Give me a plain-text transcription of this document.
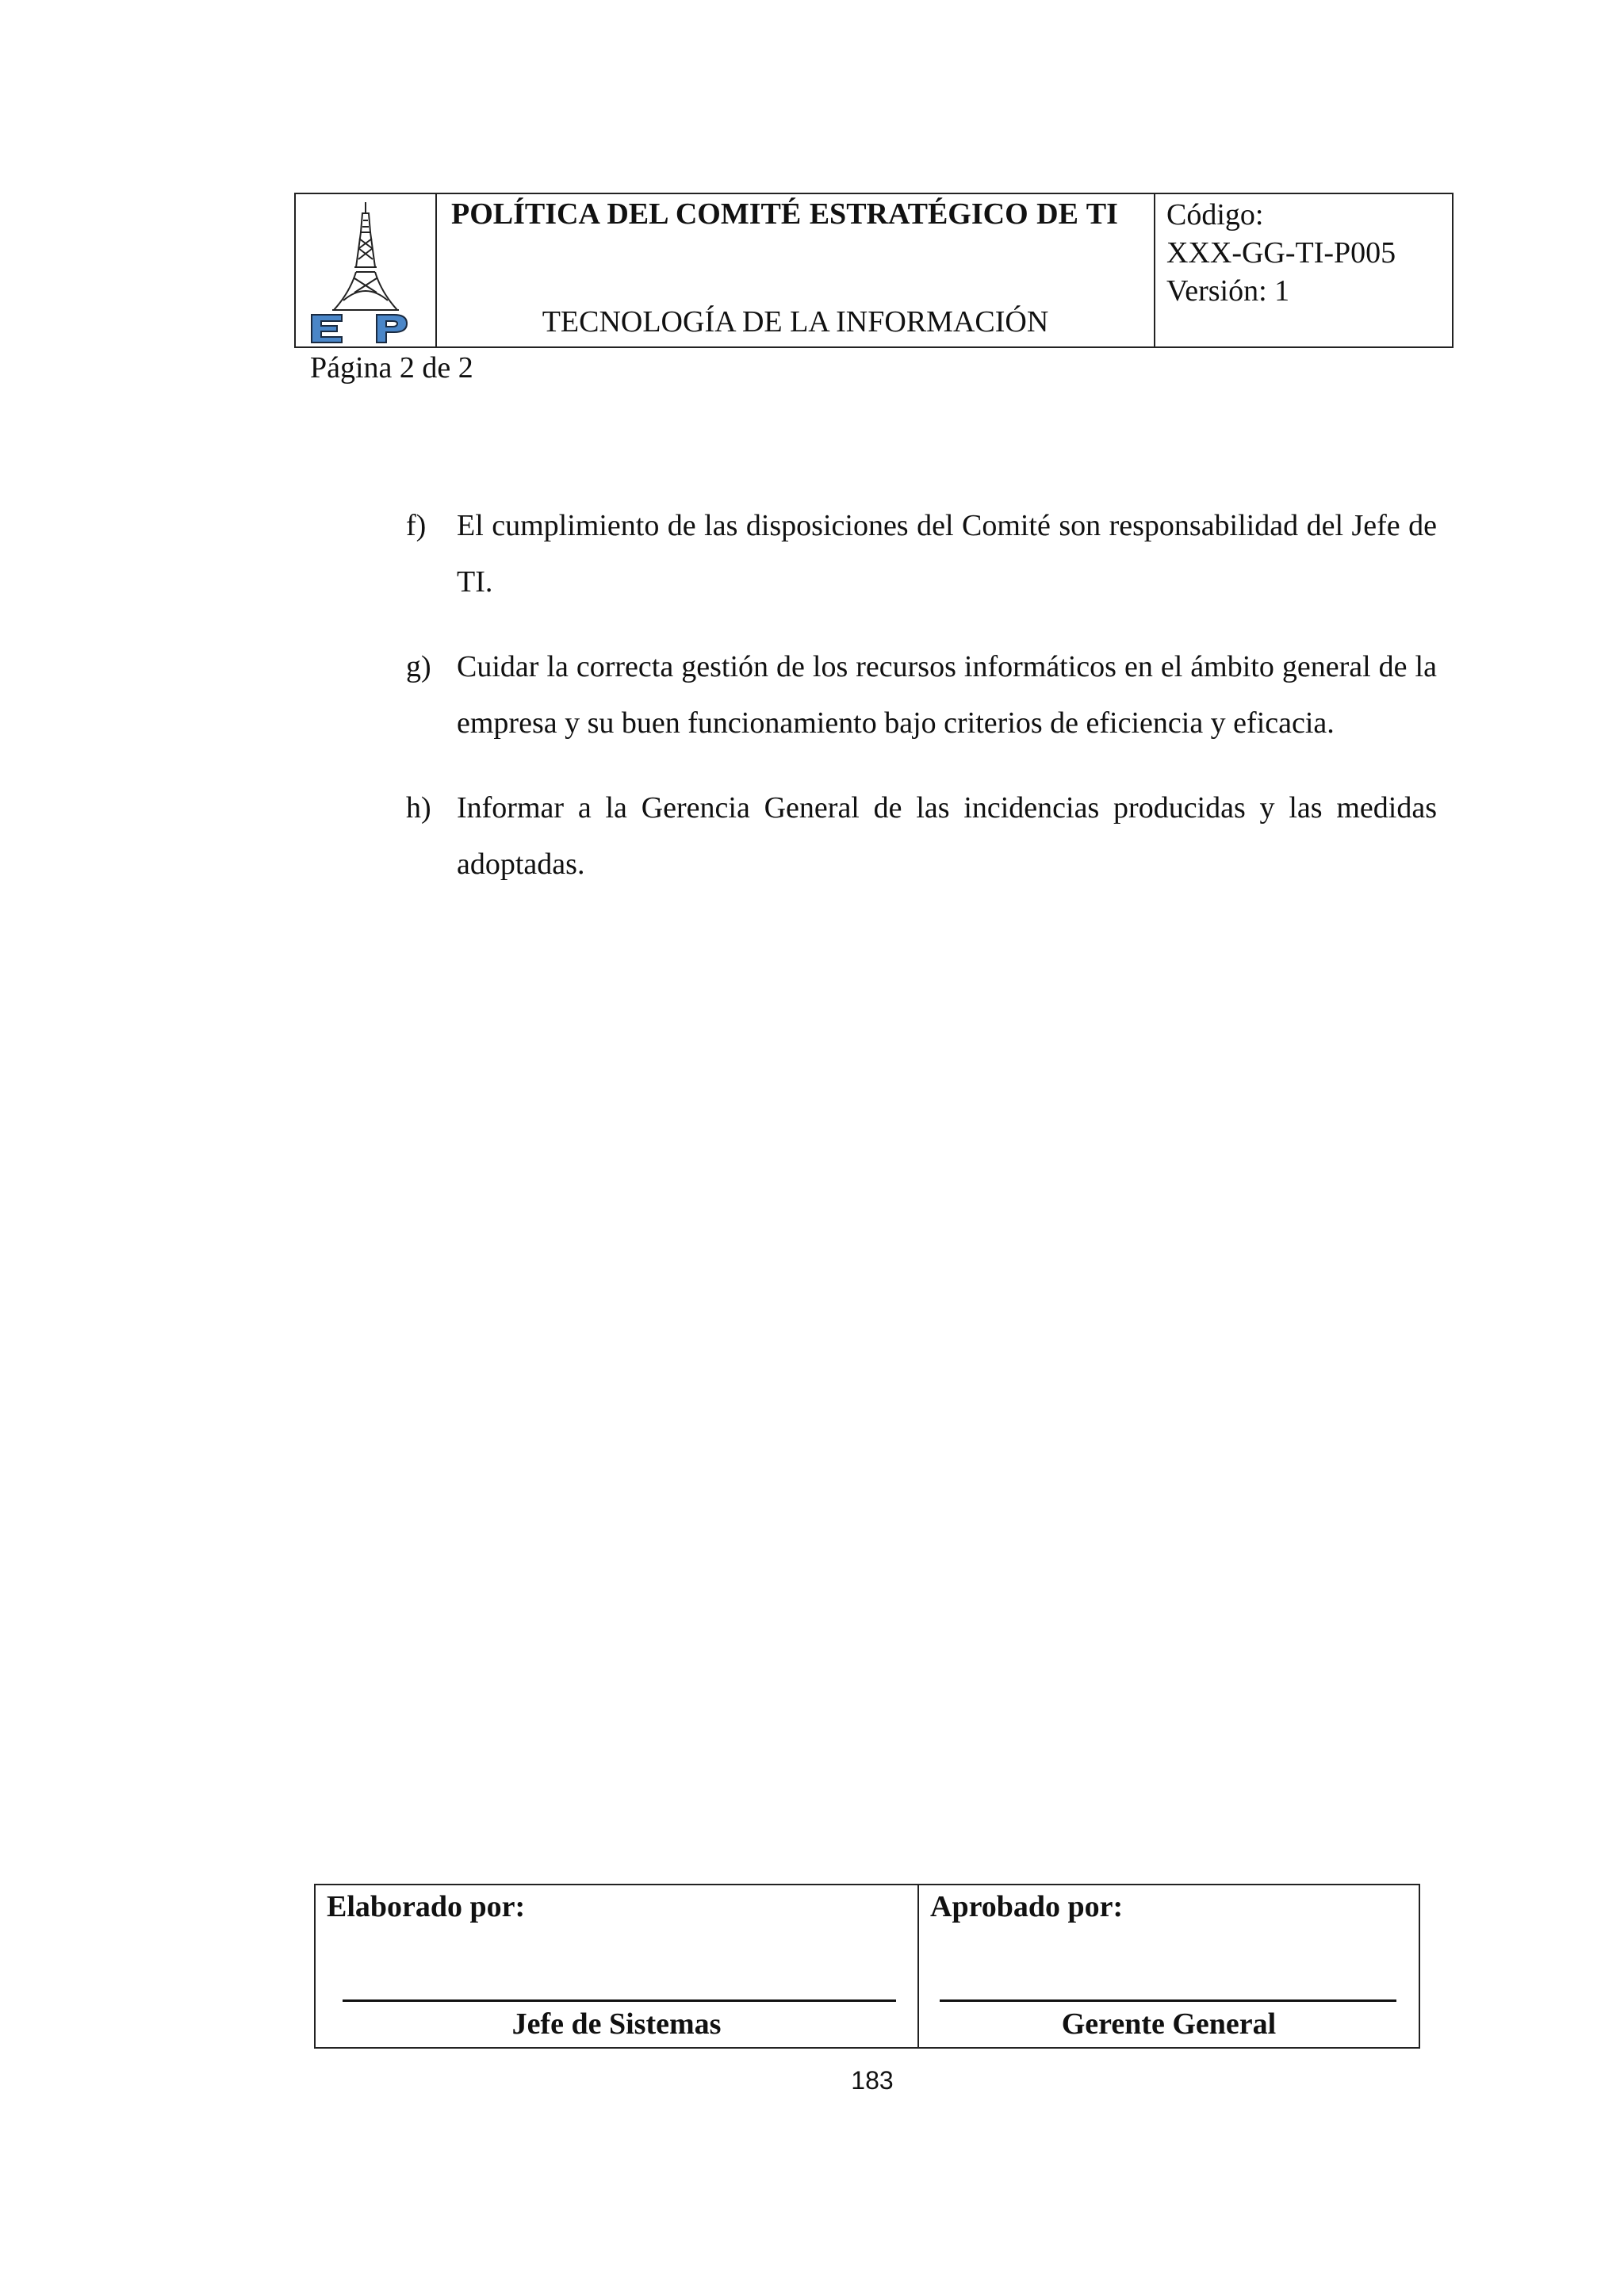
POLÍTICA DEL COMITÉ ESTRATÉGICO DE TI
TECNOLOGÍA DE LA INFORMACIÓN
Código:
XXX-GG-TI-P005
Versión: 1
Página 2 de 2
f) El cumplimiento de las disposiciones del Comité son responsabilidad del Jefe de TI.
g) Cuidar la correcta gestión de los recursos informáticos en el ámbito general de la empresa y su buen funcionamiento bajo criterios de eficiencia y eficacia.
h) Informar a la Gerencia General de las incidencias producidas y las medidas adoptadas.
Elaborado por:
Jefe de Sistemas
Aprobado por:
Gerente General
183
